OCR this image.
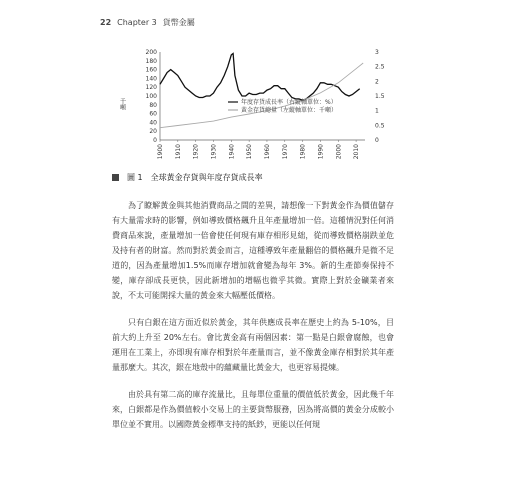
22 Chapter 3 貨幣金屬
0
20
40
60
80
100
120
140
160
180
200
0
0.5
1
1.5
2
2.5
3
1900 1910 1920 1930 1940 1950 1960 1970 1980 1990 2000 2010
千噸	年度存貨成長率（右縱軸單位：%）
黃金存貨總量（左縱軸單位：千噸）
圖 1 全球黃金存貨與年度存貨成長率

為了瞭解黃金與其他消費商品之間的差異，請想像一下對黃金作為價值儲存有大量需求時的影響，例如導致價格飆升且年產量增加一倍。這種情況對任何消費商品來說，產量增加一倍會使任何現有庫存相形見絀，從而導致價格崩跌並危及持有者的財富。然而對於黃金而言，這種導致年產量翻倍的價格飆升是微不足道的，因為產量增加1.5%而庫存增加就會變為每年 3%。新的生產節奏保持不變，庫存卻成長更快，因此新增加的增幅也微乎其微。實際上對於金礦業者來說，不太可能開採大量的黃金來大幅壓低價格。

只有白銀在這方面近似於黃金，其年供應成長率在歷史上約為 5-10%，目前大約上升至 20%左右。會比黃金高有兩個因素：第一點是白銀會腐蝕，也會運用在工業上，亦即現有庫存相對於年產量而言，並不像黃金庫存相對於其年產量那麼大。其次，銀在地殼中的蘊藏量比黃金大，也更容易提煉。

由於具有第二高的庫存流量比，且每單位重量的價值低於黃金，因此幾千年來，白銀都是作為價值較小交易上的主要貨幣服務，因為將高價的黃金分成較小單位並不實用。以國際黃金標準支持的紙鈔，更能以任何規
